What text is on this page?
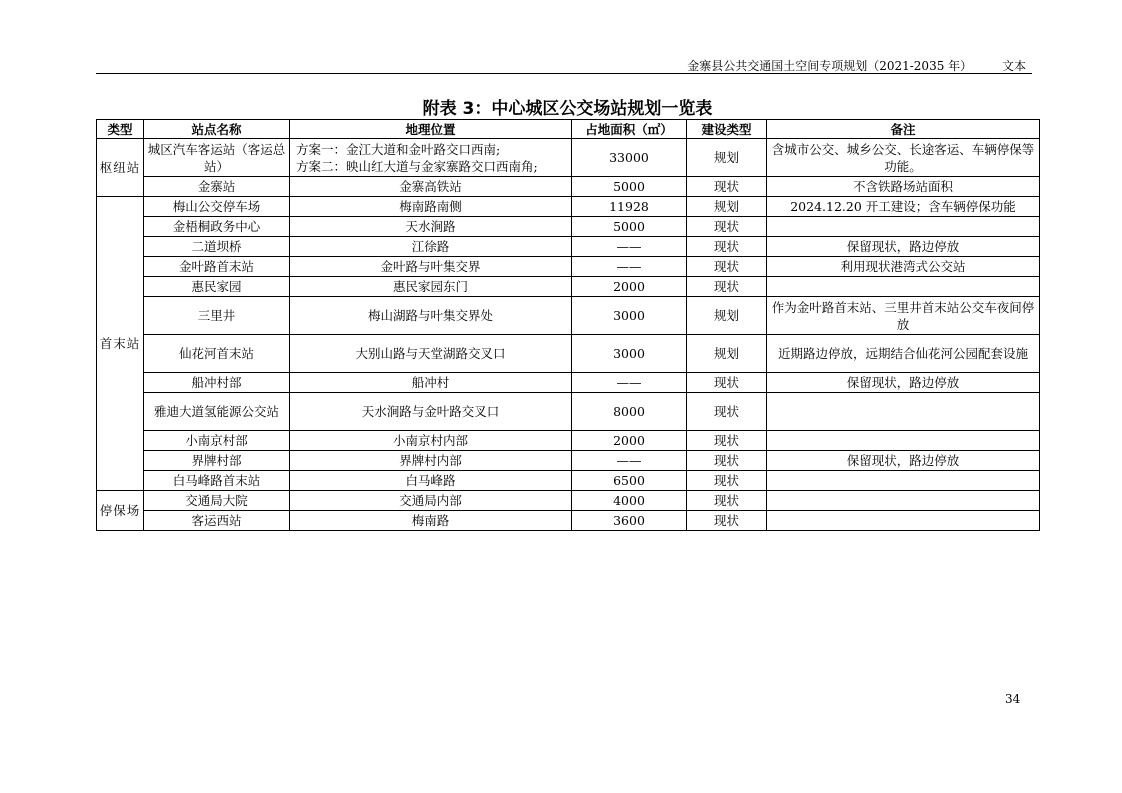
金寨县公共交通国土空间专项规划（2021-2035 年） 文本
附表 3：中心城区公交场站规划一览表
类型	站点名称	地理位置	占地面积（㎡）	建设类型	备注
枢纽站	城区汽车客运站（客运总站）	方案一：金江大道和金叶路交口西南;
方案二：映山红大道与金家寨路交口西南角;	33000	规划	含城市公交、城乡公交、长途客运、车辆停保等功能。
	金寨站	金寨高铁站	5000	现状	不含铁路场站面积
首末站	梅山公交停车场	梅南路南侧	11928	规划	2024.12.20 开工建设；含车辆停保功能
	金梧桐政务中心	天水涧路	5000	现状	
	二道坝桥	江徐路	——	现状	保留现状，路边停放
	金叶路首末站	金叶路与叶集交界	——	现状	利用现状港湾式公交站
	惠民家园	惠民家园东门	2000	现状	
	三里井	梅山湖路与叶集交界处	3000	规划	作为金叶路首末站、三里井首末站公交车夜间停放
	仙花河首末站	大别山路与天堂湖路交叉口	3000	规划	近期路边停放，远期结合仙花河公园配套设施
	船冲村部	船冲村	——	现状	保留现状，路边停放
	雅迪大道氢能源公交站	天水涧路与金叶路交叉口	8000	现状	
	小南京村部	小南京村内部	2000	现状	
	界牌村部	界牌村内部	——	现状	保留现状，路边停放
	白马峰路首末站	白马峰路	6500	现状	
停保场	交通局大院	交通局内部	4000	现状	
	客运西站	梅南路	3600	现状	
34
